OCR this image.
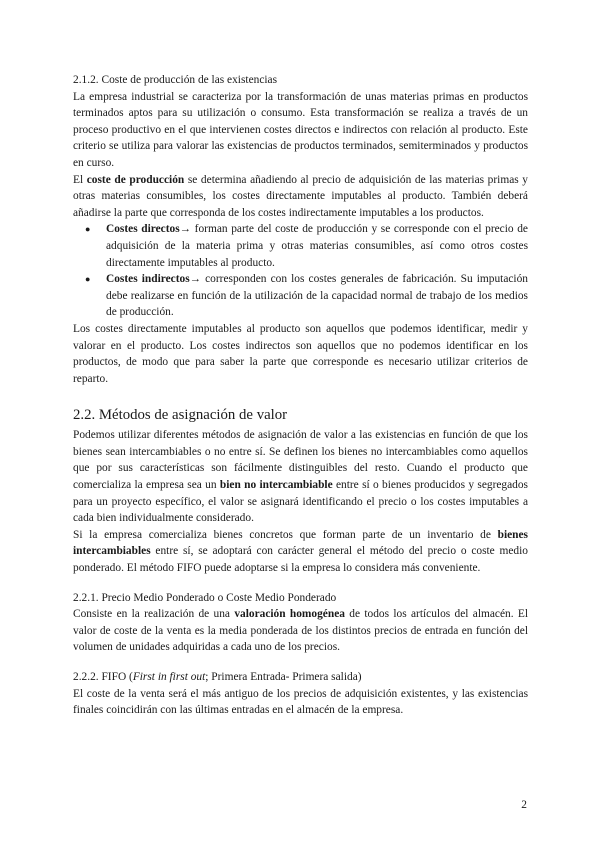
2.1.2. Coste de producción de las existencias

La empresa industrial se caracteriza por la transformación de unas materias primas en productos terminados aptos para su utilización o consumo. Esta transformación se realiza a través de un proceso productivo en el que intervienen costes directos e indirectos con relación al producto. Este criterio se utiliza para valorar las existencias de productos terminados, semiterminados y productos en curso.

El coste de producción se determina añadiendo al precio de adquisición de las materias primas y otras materias consumibles, los costes directamente imputables al producto. También deberá añadirse la parte que corresponda de los costes indirectamente imputables a los productos.

● Costes directos→ forman parte del coste de producción y se corresponde con el precio de adquisición de la materia prima y otras materias consumibles, así como otros costes directamente imputables al producto.
● Costes indirectos→ corresponden con los costes generales de fabricación. Su imputación debe realizarse en función de la utilización de la capacidad normal de trabajo de los medios de producción.

Los costes directamente imputables al producto son aquellos que podemos identificar, medir y valorar en el producto. Los costes indirectos son aquellos que no podemos identificar en los productos, de modo que para saber la parte que corresponde es necesario utilizar criterios de reparto.

2.2. Métodos de asignación de valor

Podemos utilizar diferentes métodos de asignación de valor a las existencias en función de que los bienes sean intercambiables o no entre sí. Se definen los bienes no intercambiables como aquellos que por sus características son fácilmente distinguibles del resto. Cuando el producto que comercializa la empresa sea un bien no intercambiable entre sí o bienes producidos y segregados para un proyecto específico, el valor se asignará identificando el precio o los costes imputables a cada bien individualmente considerado.

Si la empresa comercializa bienes concretos que forman parte de un inventario de bienes intercambiables entre sí, se adoptará con carácter general el método del precio o coste medio ponderado. El método FIFO puede adoptarse si la empresa lo considera más conveniente.

2.2.1. Precio Medio Ponderado o Coste Medio Ponderado

Consiste en la realización de una valoración homogénea de todos los artículos del almacén. El valor de coste de la venta es la media ponderada de los distintos precios de entrada en función del volumen de unidades adquiridas a cada uno de los precios.

2.2.2. FIFO (First in first out; Primera Entrada- Primera salida)

El coste de la venta será el más antiguo de los precios de adquisición existentes, y las existencias finales coincidirán con las últimas entradas en el almacén de la empresa.

2
